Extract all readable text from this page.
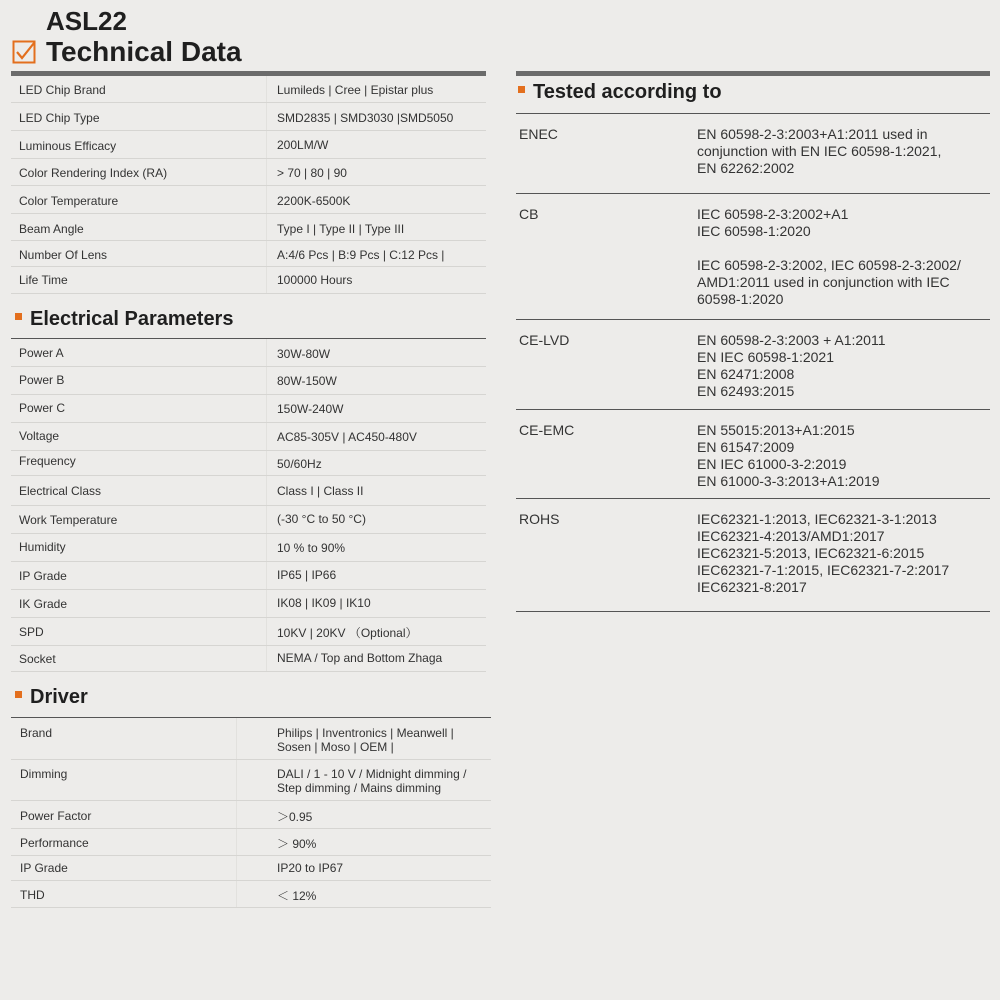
ASL22
Technical Data
LED Chip Brand	Lumileds | Cree | Epistar plus
LED Chip Type	SMD2835 | SMD3030 |SMD5050
Luminous Efficacy	200LM/W
Color Rendering Index (RA)	> 70 | 80 | 90
Color Temperature	2200K-6500K
Beam Angle	Type I | Type II | Type III
Number Of Lens	A:4/6 Pcs | B:9 Pcs | C:12 Pcs |
Life Time	100000 Hours
Electrical Parameters
Power A	30W-80W
Power B	80W-150W
Power C	150W-240W
Voltage	AC85-305V | AC450-480V
Frequency	50/60Hz
Electrical Class	Class I | Class II
Work Temperature	(-30 °C to 50 °C)
Humidity	10 % to 90%
IP Grade	IP65 | IP66
IK Grade	IK08 | IK09 | IK10
SPD	10KV | 20KV （Optional）
Socket	NEMA / Top and Bottom Zhaga
Driver
Brand	Philips | Inventronics | Meanwell |
Sosen | Moso | OEM |
Dimming	DALI / 1 - 10 V / Midnight dimming /
Step dimming / Mains dimming
Power Factor	＞0.95
Performance	＞ 90%
IP Grade	IP20 to IP67
THD	＜ 12%
Tested according to
ENEC	EN 60598-2-3:2003+A1:2011 used in
conjunction with EN IEC 60598-1:2021,
EN 62262:2002
CB	IEC 60598-2-3:2002+A1
IEC 60598-1:2020
IEC 60598-2-3:2002, IEC 60598-2-3:2002/
AMD1:2011 used in conjunction with IEC
60598-1:2020
CE-LVD	EN 60598-2-3:2003 + A1:2011
EN IEC 60598-1:2021
EN 62471:2008
EN 62493:2015
CE-EMC	EN 55015:2013+A1:2015
EN 61547:2009
EN IEC 61000-3-2:2019
EN 61000-3-3:2013+A1:2019
ROHS	IEC62321-1:2013, IEC62321-3-1:2013
IEC62321-4:2013/AMD1:2017
IEC62321-5:2013, IEC62321-6:2015
IEC62321-7-1:2015, IEC62321-7-2:2017
IEC62321-8:2017
